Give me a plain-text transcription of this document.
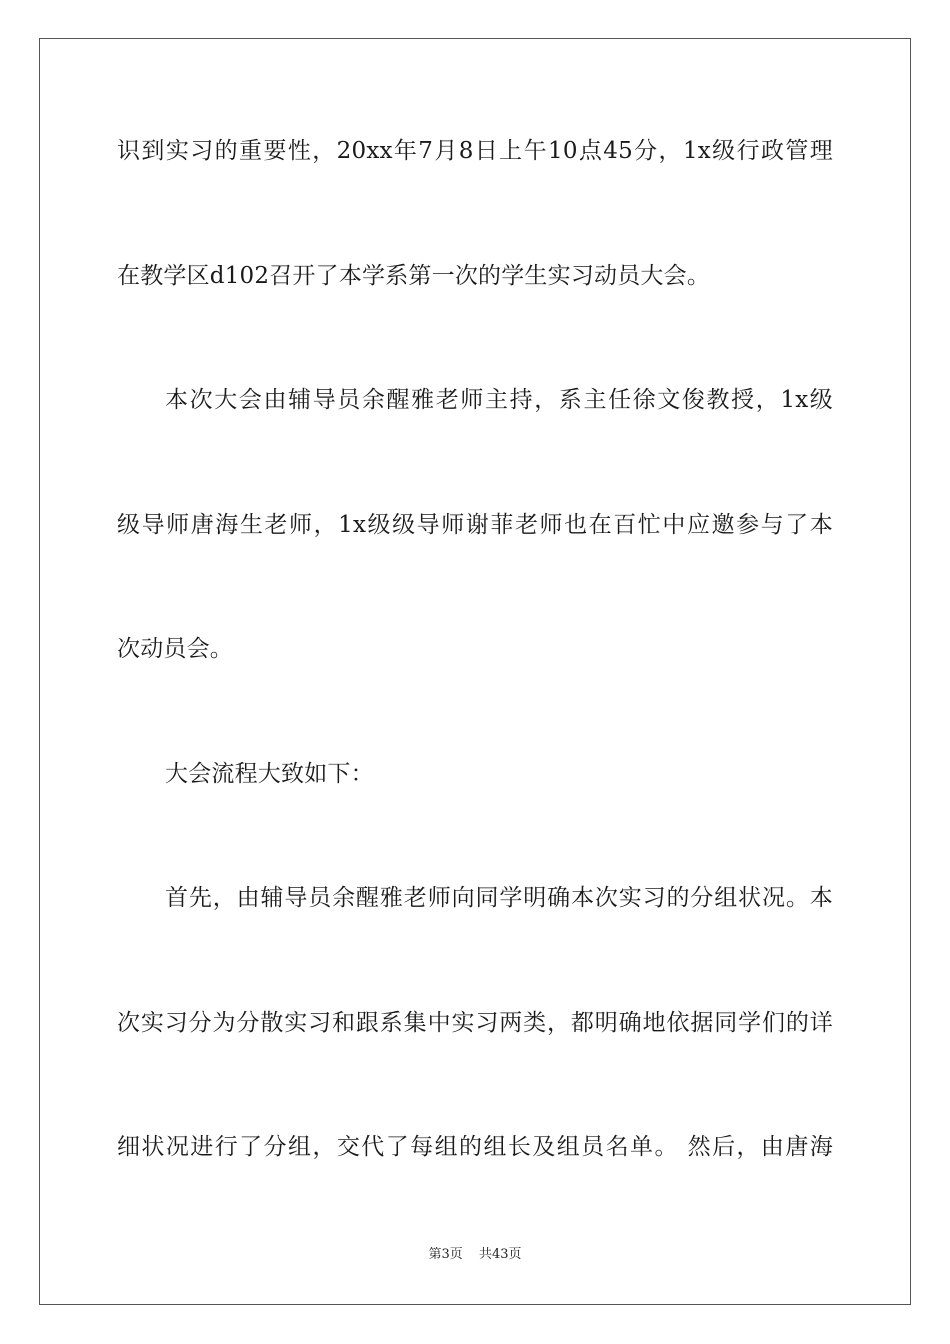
识到实习的重要性，20xx年7月8日上午10点45分，1x级行政管理
在教学区d102召开了本学系第一次的学生实习动员大会。
本次大会由辅导员余醒雅老师主持，系主任徐文俊教授，1x级
级导师唐海生老师，1x级级导师谢菲老师也在百忙中应邀参与了本
次动员会。
大会流程大致如下：
首先，由辅导员余醒雅老师向同学明确本次实习的分组状况。本
次实习分为分散实习和跟系集中实习两类，都明确地依据同学们的详
细状况进行了分组，交代了每组的组长及组员名单。 然后，由唐海
第3页 共43页
